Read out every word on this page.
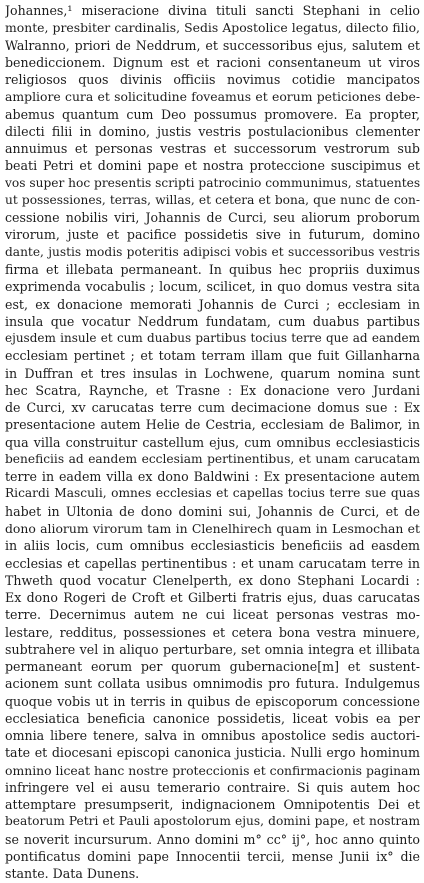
Johannes,¹ miseracione divina tituli sancti Stephani in celio
monte, presbiter cardinalis, Sedis Apostolice legatus, dilecto filio,
Walranno, priori de Neddrum, et successoribus ejus, salutem et
benediccionem. Dignum est et racioni consentaneum ut viros
religiosos quos divinis officiis novimus cotidie mancipatos
ampliore cura et solicitudine foveamus et eorum peticiones debe-
abemus quantum cum Deo possumus promovere. Ea propter,
dilecti filii in domino, justis vestris postulacionibus clementer
annuimus et personas vestras et successorum vestrorum sub
beati Petri et domini pape et nostra proteccione suscipimus et
vos super hoc presentis scripti patrocinio communimus, statuentes
ut possessiones, terras, willas, et cetera et bona, que nunc de con-
cessione nobilis viri, Johannis de Curci, seu aliorum proborum
virorum, juste et pacifice possidetis sive in futurum, domino
dante, justis modis poteritis adipisci vobis et successoribus vestris
firma et illebata permaneant. In quibus hec propriis duximus
exprimenda vocabulis ; locum, scilicet, in quo domus vestra sita
est, ex donacione memorati Johannis de Curci ; ecclesiam in
insula que vocatur Neddrum fundatam, cum duabus partibus
ejusdem insule et cum duabus partibus tocius terre que ad eandem
ecclesiam pertinet ; et totam terram illam que fuit Gillanharna
in Duffran et tres insulas in Lochwene, quarum nomina sunt
hec Scatra, Raynche, et Trasne : Ex donacione vero Jurdani
de Curci, xv carucatas terre cum decimacione domus sue : Ex
presentacione autem Helie de Cestria, ecclesiam de Balimor, in
qua villa construitur castellum ejus, cum omnibus ecclesiasticis
beneficiis ad eandem ecclesiam pertinentibus, et unam carucatam
terre in eadem villa ex dono Baldwini : Ex presentacione autem
Ricardi Masculi, omnes ecclesias et capellas tocius terre sue quas
habet in Ultonia de dono domini sui, Johannis de Curci, et de
dono aliorum virorum tam in Clenelhirech quam in Lesmochan et
in aliis locis, cum omnibus ecclesiasticis beneficiis ad easdem
ecclesias et capellas pertinentibus : et unam carucatam terre in
Thweth quod vocatur Clenelperth, ex dono Stephani Locardi :
Ex dono Rogeri de Croft et Gilberti fratris ejus, duas carucatas
terre. Decernimus autem ne cui liceat personas vestras mo-
lestare, redditus, possessiones et cetera bona vestra minuere,
subtrahere vel in aliquo perturbare, set omnia integra et illibata
permaneant eorum per quorum gubernacione[m] et sustent-
acionem sunt collata usibus omnimodis pro futura. Indulgemus
quoque vobis ut in terris in quibus de episcoporum concessione
ecclesiatica beneficia canonice possidetis, liceat vobis ea per
omnia libere tenere, salva in omnibus apostolice sedis auctori-
tate et diocesani episcopi canonica justicia. Nulli ergo hominum
omnino liceat hanc nostre proteccionis et confirmacionis paginam
infringere vel ei ausu temerario contraire. Si quis autem hoc
attemptare presumpserit, indignacionem Omnipotentis Dei et
beatorum Petri et Pauli apostolorum ejus, domini pape, et nostram
se noverit incursurum. Anno domini m° cc° ij°, hoc anno quinto
pontificatus domini pape Innocentii tercii, mense Junii ix° die
stante. Data Dunens.
